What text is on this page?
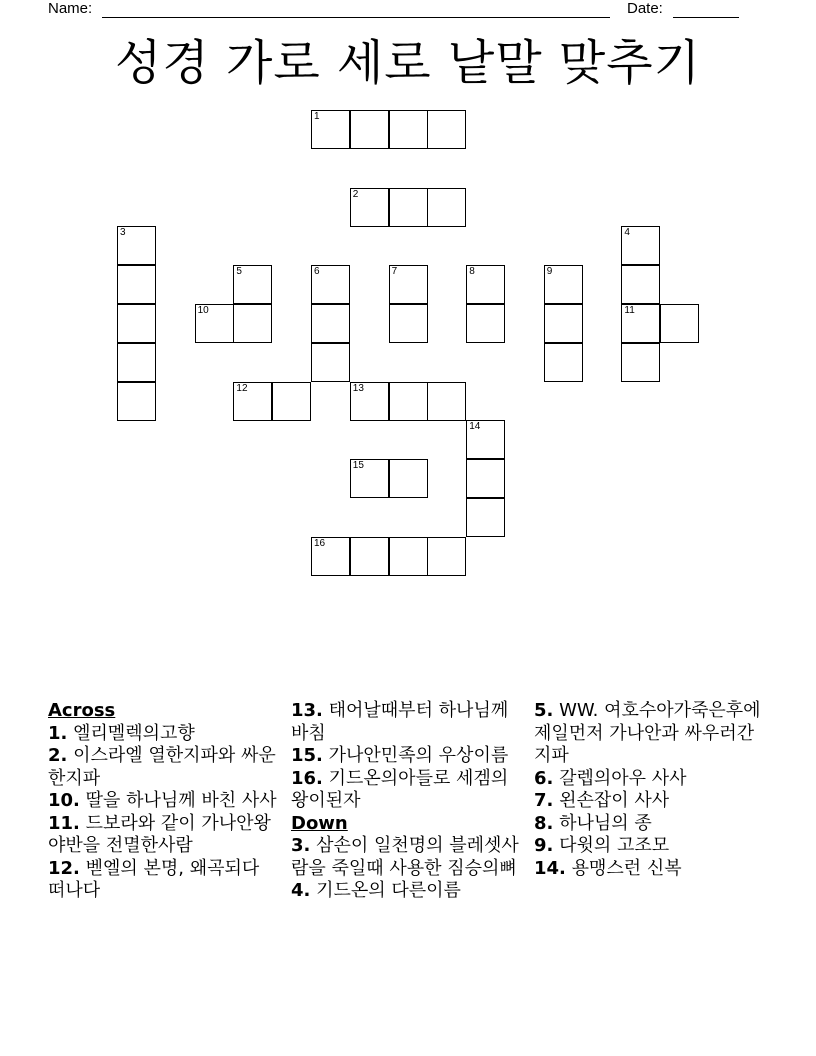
Name:	Date:
성경 가로 세로 낱말 맞추기
1
2
3	4
5	6	7	8	9
10	11
12	13
14
15
16
Across
1. 엘리멜렉의고향
2. 이스라엘 열한지파와 싸운 한지파
10. 딸을 하나님께 바친 사사
11. 드보라와 같이 가나안왕 야반을 전멸한사람
12. 벧엘의 본명, 왜곡되다 떠나다
13. 태어날때부터 하나님께 바침
15. 가나안민족의 우상이름
16. 기드온의아들로 세겜의왕이된자
Down
3. 삼손이 일천명의 블레셋사람을 죽일때 사용한 짐승의뼈
4. 기드온의 다른이름
5. WW. 여호수아가죽은후에 제일먼저 가나안과 싸우러간 지파
6. 갈렙의아우 사사
7. 왼손잡이 사사
8. 하나님의 종
9. 다윗의 고조모
14. 용맹스런 신복
